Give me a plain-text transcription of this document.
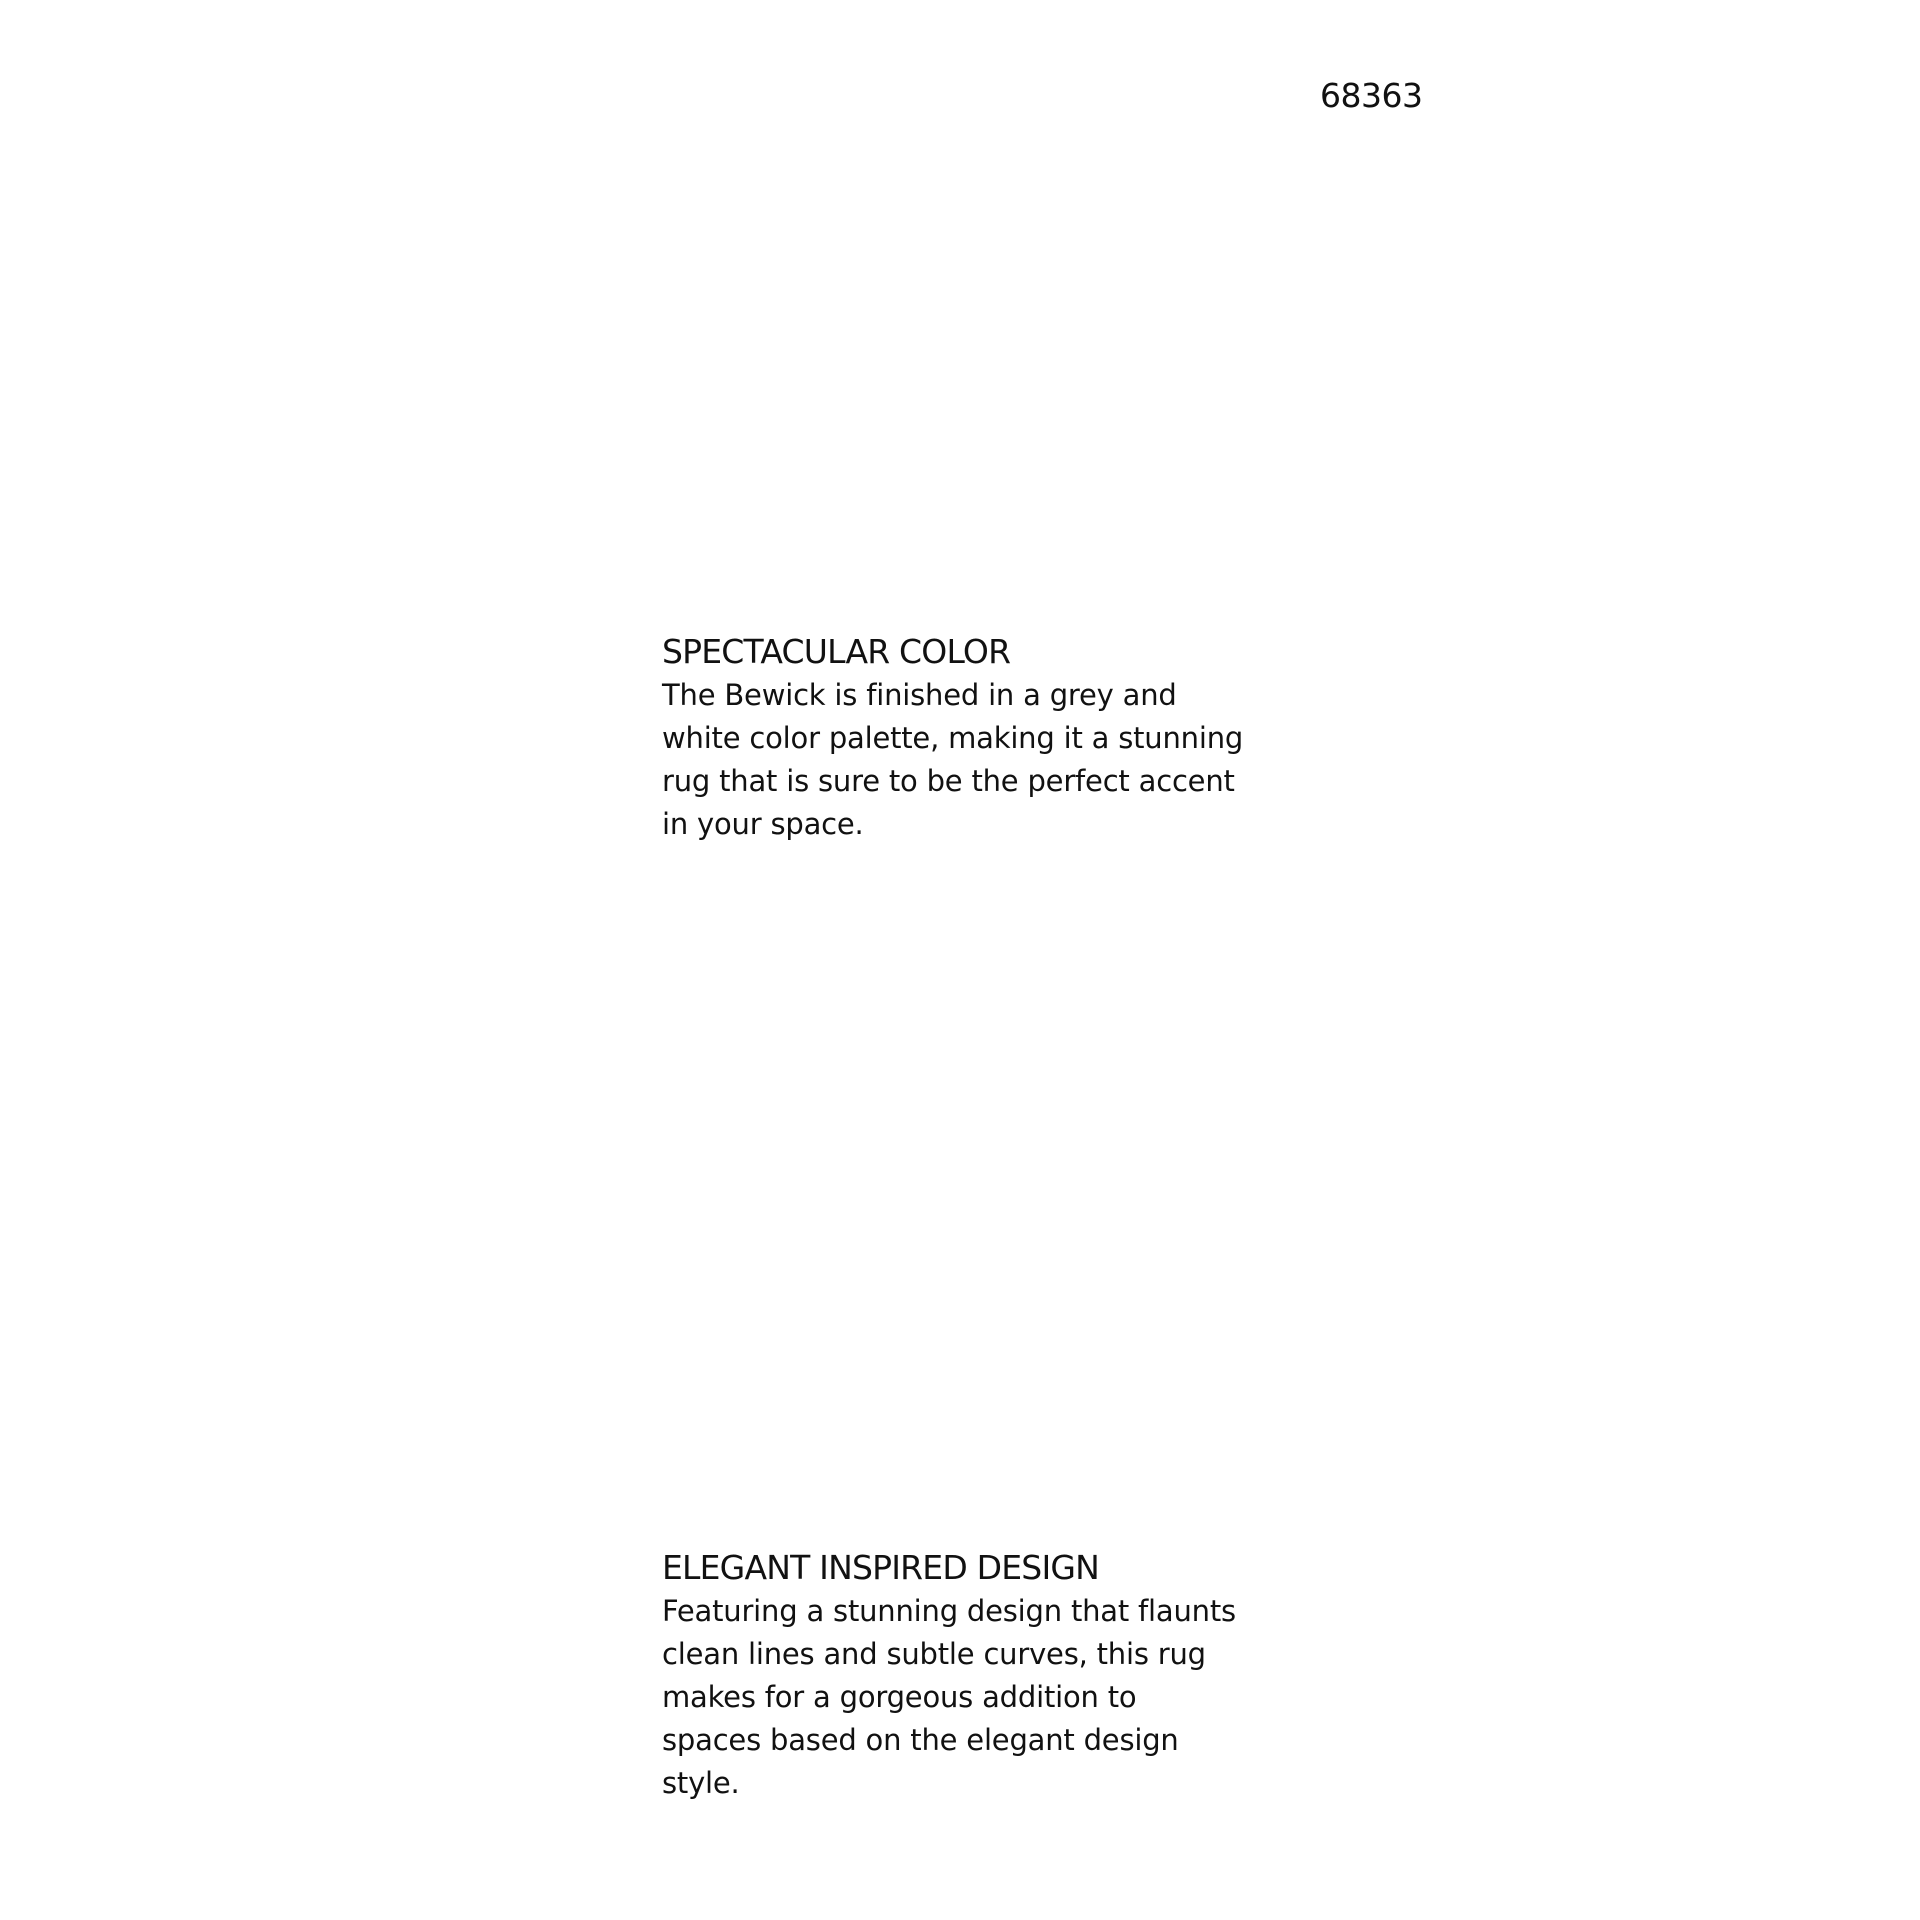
68363
SPECTACULAR COLOR

The Bewick is finished in a grey and
white color palette, making it a stunning
rug that is sure to be the perfect accent
in your space.

ELEGANT INSPIRED DESIGN

Featuring a stunning design that flaunts
clean lines and subtle curves, this rug
makes for a gorgeous addition to
spaces based on the elegant design
style.
